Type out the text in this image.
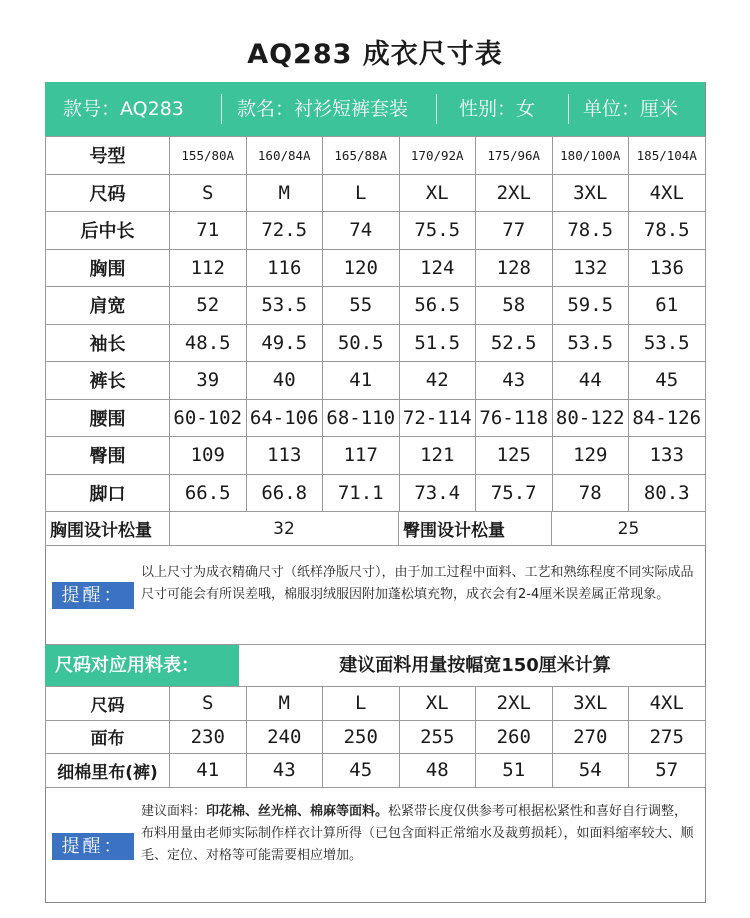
AQ283 成衣尺寸表
款号：AQ283	款名：衬衫短裤套装	性别：女	单位：厘米
号型	155/80A	160/84A	165/88A	170/92A	175/96A	180/100A	185/104A
尺码	S	M	L	XL	2XL	3XL	4XL
后中长	71	72.5	74	75.5	77	78.5	78.5
胸围	112	116	120	124	128	132	136
肩宽	52	53.5	55	56.5	58	59.5	61
袖长	48.5	49.5	50.5	51.5	52.5	53.5	53.5
裤长	39	40	41	42	43	44	45
腰围	60-102	64-106	68-110	72-114	76-118	80-122	84-126
臀围	109	113	117	121	125	129	133
脚口	66.5	66.8	71.1	73.4	75.7	78	80.3
胸围设计松量	32	臀围设计松量	25
提醒：
以上尺寸为成衣精确尺寸（纸样净版尺寸），由于加工过程中面料、工艺和熟练程度不同实际成品尺寸可能会有所误差哦，棉服羽绒服因附加蓬松填充物，成衣会有2-4厘米误差属正常现象。
尺码对应用料表：	建议面料用量按幅宽150厘米计算
尺码	S	M	L	XL	2XL	3XL	4XL
面布	230	240	250	255	260	270	275
细棉里布(裤)	41	43	45	48	51	54	57
提醒：
建议面料：印花棉、丝光棉、棉麻等面料。松紧带长度仅供参考可根据松紧性和喜好自行调整，布料用量由老师实际制作样衣计算所得（已包含面料正常缩水及裁剪损耗），如面料缩率较大、顺毛、定位、对格等可能需要相应增加。
